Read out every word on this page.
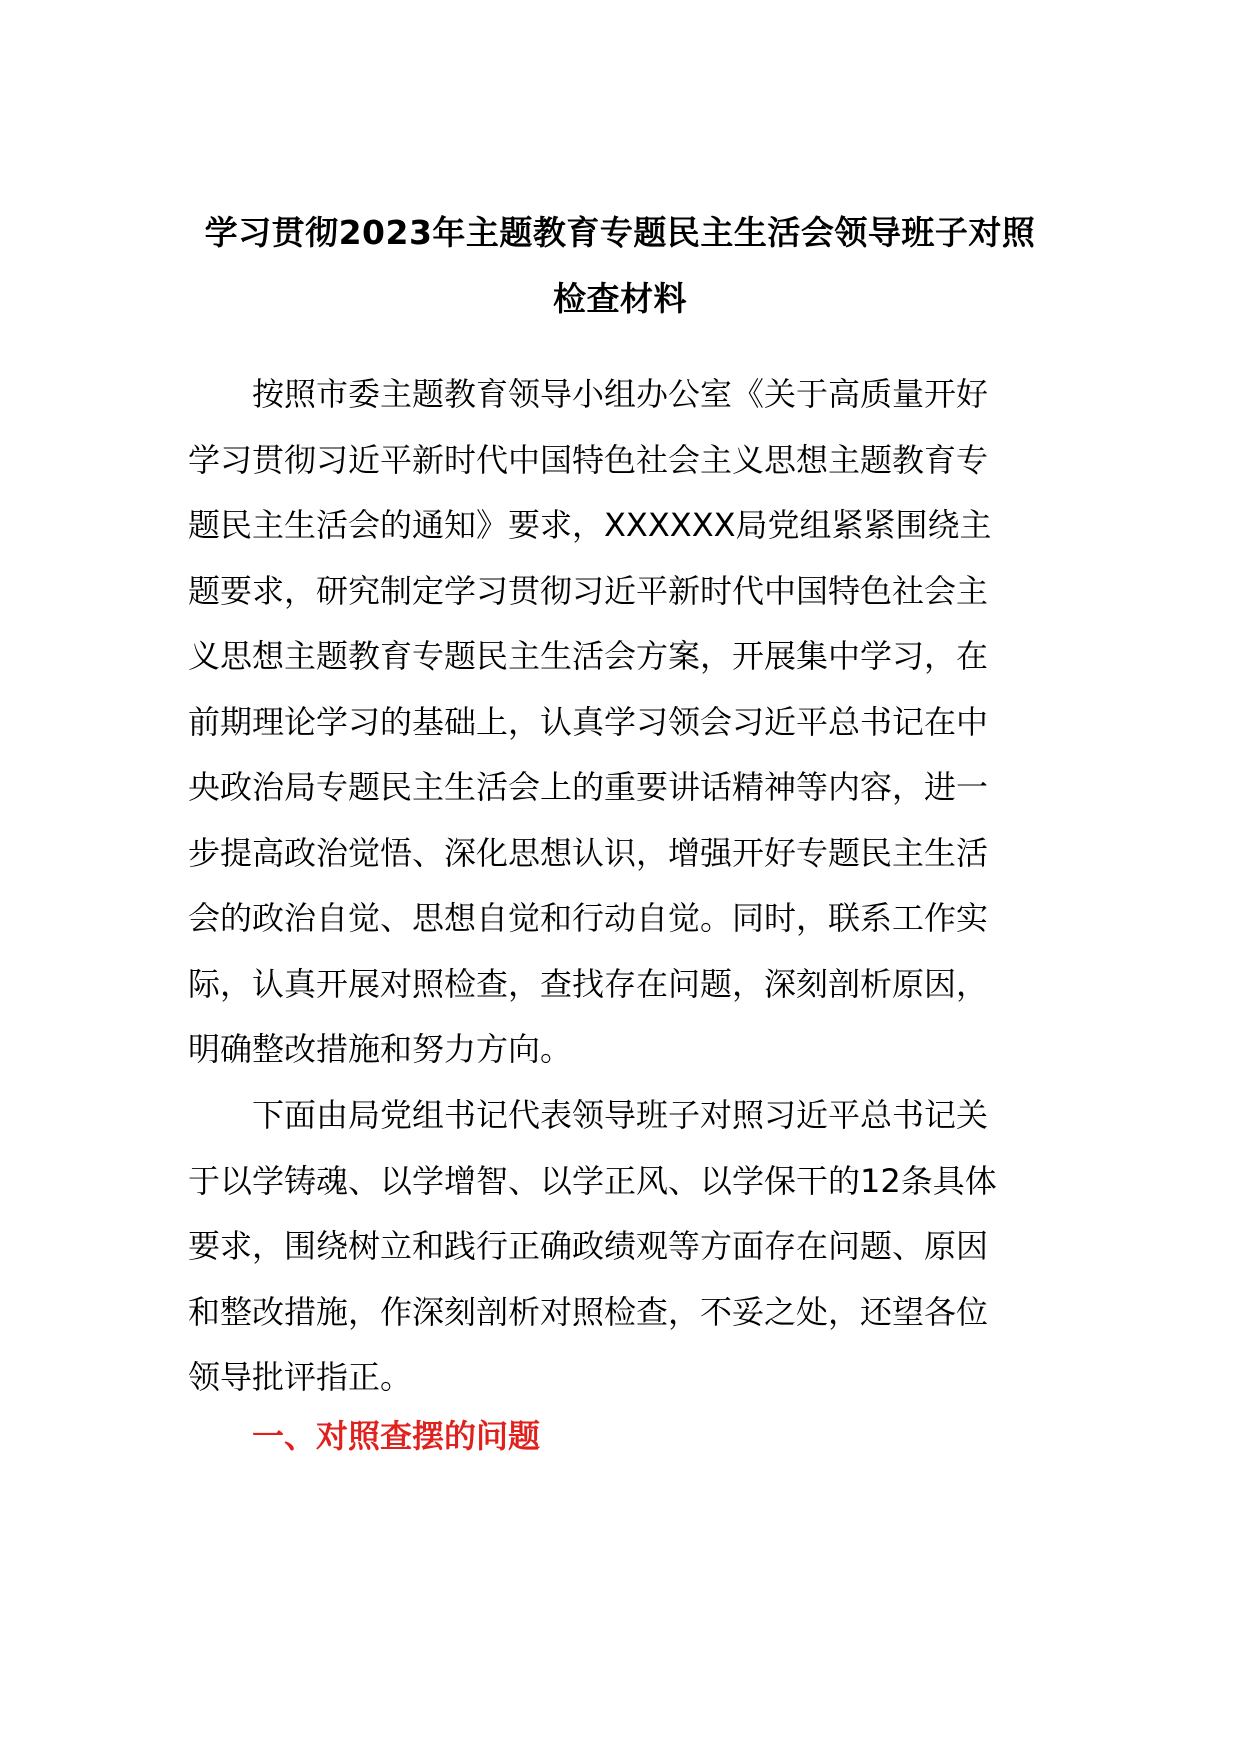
学习贯彻2023年主题教育专题民主生活会领导班子对照
检查材料

按照市委主题教育领导小组办公室《关于高质量开好
学习贯彻习近平新时代中国特色社会主义思想主题教育专
题民主生活会的通知》要求，XXXXXX局党组紧紧围绕主
题要求，研究制定学习贯彻习近平新时代中国特色社会主
义思想主题教育专题民主生活会方案，开展集中学习，在
前期理论学习的基础上，认真学习领会习近平总书记在中
央政治局专题民主生活会上的重要讲话精神等内容，进一
步提高政治觉悟、深化思想认识，增强开好专题民主生活
会的政治自觉、思想自觉和行动自觉。同时，联系工作实
际，认真开展对照检查，查找存在问题，深刻剖析原因，
明确整改措施和努力方向。

下面由局党组书记代表领导班子对照习近平总书记关
于以学铸魂、以学增智、以学正风、以学保干的12条具体
要求，围绕树立和践行正确政绩观等方面存在问题、原因
和整改措施，作深刻剖析对照检查，不妥之处，还望各位
领导批评指正。

一、对照查摆的问题
